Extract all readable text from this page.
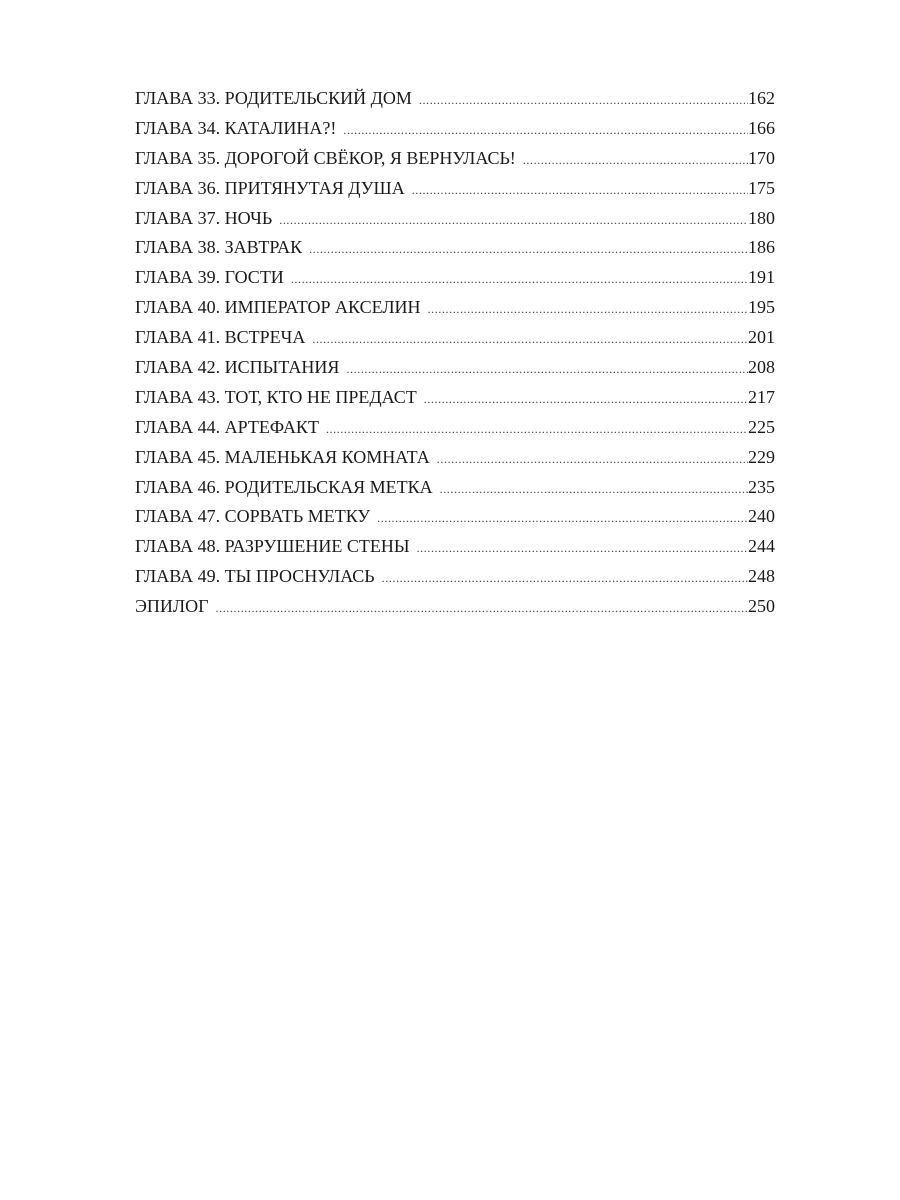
ГЛАВА 33. РОДИТЕЛЬСКИЙ ДОМ .....	162
ГЛАВА 34. КАТАЛИНА?! .....	166
ГЛАВА 35. ДОРОГОЙ СВЁКОР, Я ВЕРНУЛАСЬ! .....	170
ГЛАВА 36. ПРИТЯНУТАЯ ДУША .....	175
ГЛАВА 37. НОЧЬ .....	180
ГЛАВА 38. ЗАВТРАК .....	186
ГЛАВА 39. ГОСТИ .....	191
ГЛАВА 40. ИМПЕРАТОР АКСЕЛИН .....	195
ГЛАВА 41. ВСТРЕЧА .....	201
ГЛАВА 42. ИСПЫТАНИЯ .....	208
ГЛАВА 43. ТОТ, КТО НЕ ПРЕДАСТ .....	217
ГЛАВА 44. АРТЕФАКТ .....	225
ГЛАВА 45. МАЛЕНЬКАЯ КОМНАТА .....	229
ГЛАВА 46. РОДИТЕЛЬСКАЯ МЕТКА .....	235
ГЛАВА 47. СОРВАТЬ МЕТКУ .....	240
ГЛАВА 48. РАЗРУШЕНИЕ СТЕНЫ .....	244
ГЛАВА 49. ТЫ ПРОСНУЛАСЬ .....	248
ЭПИЛОГ .....	250
